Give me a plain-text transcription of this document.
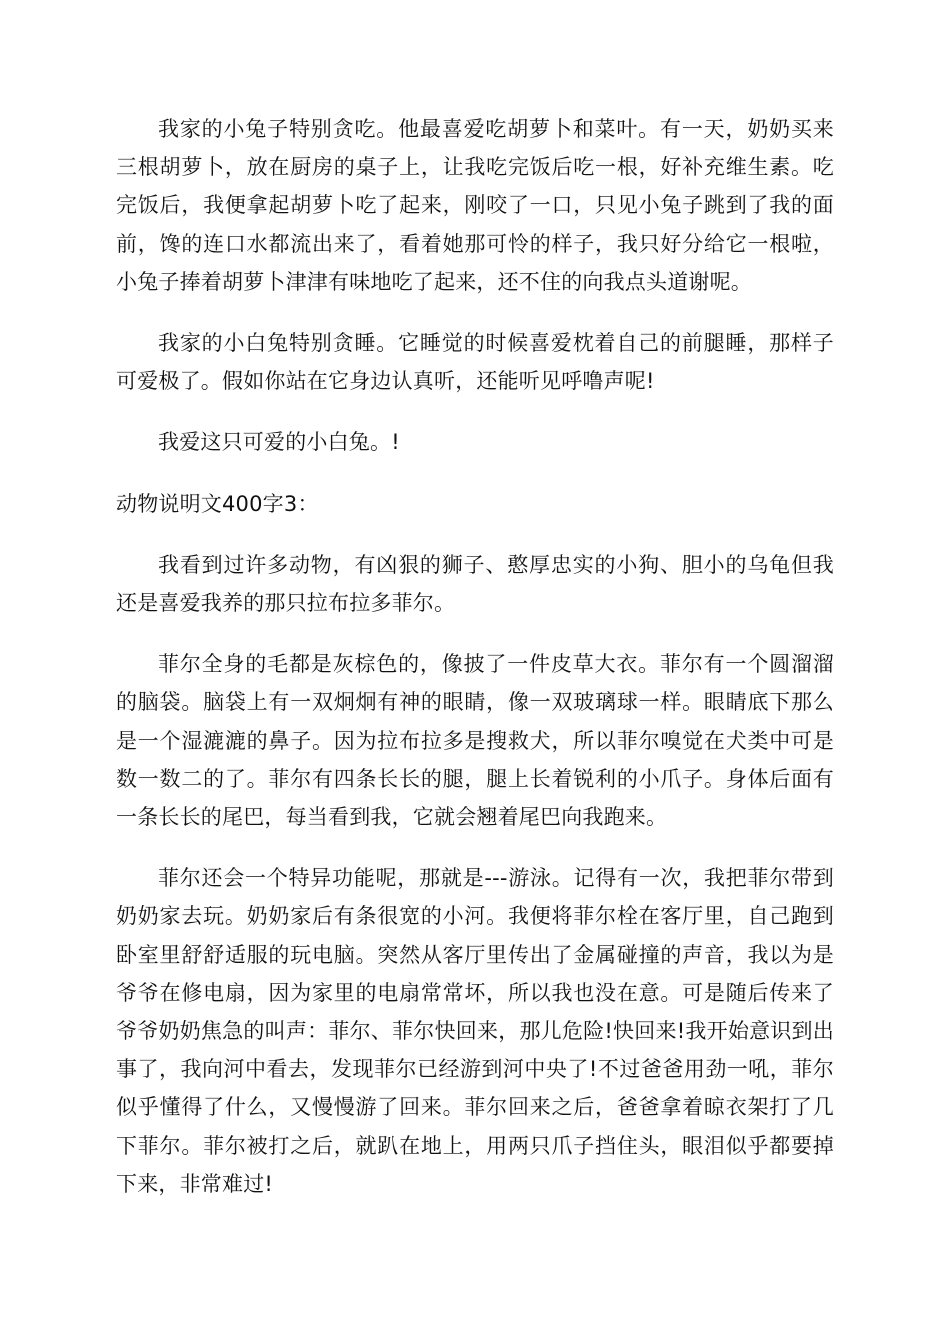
我家的小兔子特别贪吃。他最喜爱吃胡萝卜和菜叶。有一天，奶奶买来三根胡萝卜，放在厨房的桌子上，让我吃完饭后吃一根，好补充维生素。吃完饭后，我便拿起胡萝卜吃了起来，刚咬了一口，只见小兔子跳到了我的面前，馋的连口水都流出来了，看着她那可怜的样子，我只好分给它一根啦，小兔子捧着胡萝卜津津有味地吃了起来，还不住的向我点头道谢呢。

我家的小白兔特别贪睡。它睡觉的时候喜爱枕着自己的前腿睡，那样子可爱极了。假如你站在它身边认真听，还能听见呼噜声呢!

我爱这只可爱的小白兔。!

动物说明文400字3：

我看到过许多动物，有凶狠的狮子、憨厚忠实的小狗、胆小的乌龟但我还是喜爱我养的那只拉布拉多菲尔。

菲尔全身的毛都是灰棕色的，像披了一件皮草大衣。菲尔有一个圆溜溜的脑袋。脑袋上有一双炯炯有神的眼睛，像一双玻璃球一样。眼睛底下那么是一个湿漉漉的鼻子。因为拉布拉多是搜救犬，所以菲尔嗅觉在犬类中可是数一数二的了。菲尔有四条长长的腿，腿上长着锐利的小爪子。身体后面有一条长长的尾巴，每当看到我，它就会翘着尾巴向我跑来。

菲尔还会一个特异功能呢，那就是---游泳。记得有一次，我把菲尔带到奶奶家去玩。奶奶家后有条很宽的小河。我便将菲尔栓在客厅里，自己跑到卧室里舒舒适服的玩电脑。突然从客厅里传出了金属碰撞的声音，我以为是爷爷在修电扇，因为家里的电扇常常坏，所以我也没在意。可是随后传来了爷爷奶奶焦急的叫声：菲尔、菲尔快回来，那儿危险!快回来!我开始意识到出事了，我向河中看去，发现菲尔已经游到河中央了!不过爸爸用劲一吼，菲尔似乎懂得了什么，又慢慢游了回来。菲尔回来之后，爸爸拿着晾衣架打了几下菲尔。菲尔被打之后，就趴在地上，用两只爪子挡住头，眼泪似乎都要掉下来，非常难过!
